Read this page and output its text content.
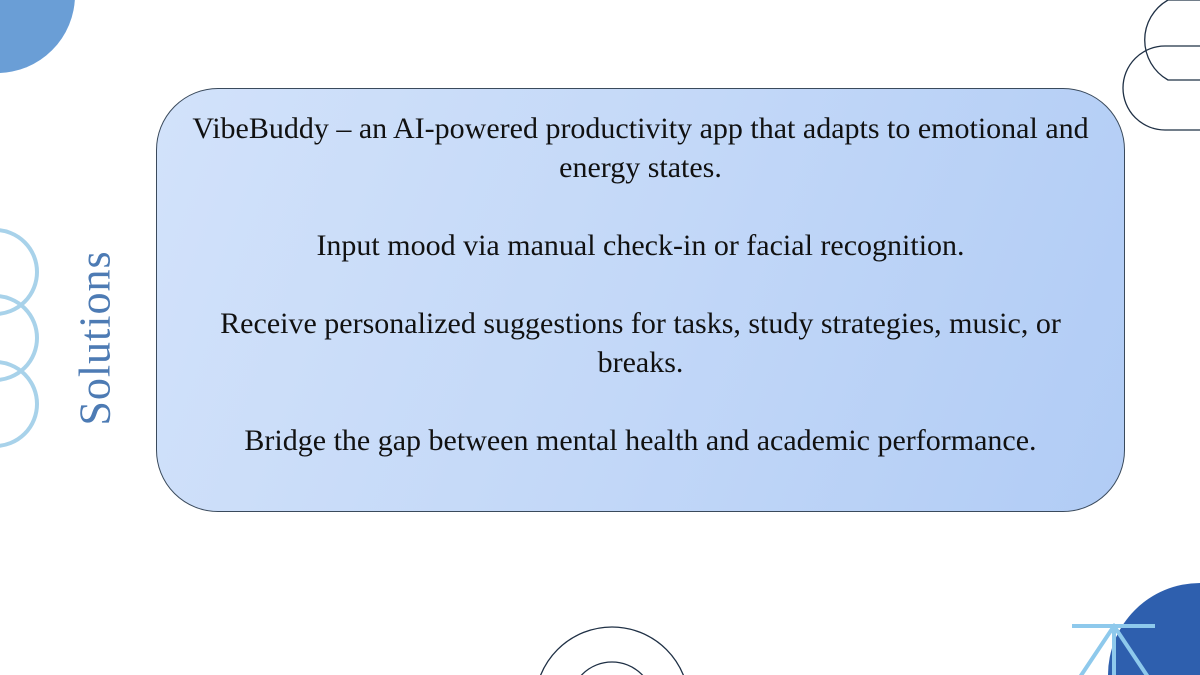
Solutions

VibeBuddy – an AI-powered productivity app that adapts to emotional and energy states.

Input mood via manual check-in or facial recognition.

Receive personalized suggestions for tasks, study strategies, music, or breaks.

Bridge the gap between mental health and academic performance.
